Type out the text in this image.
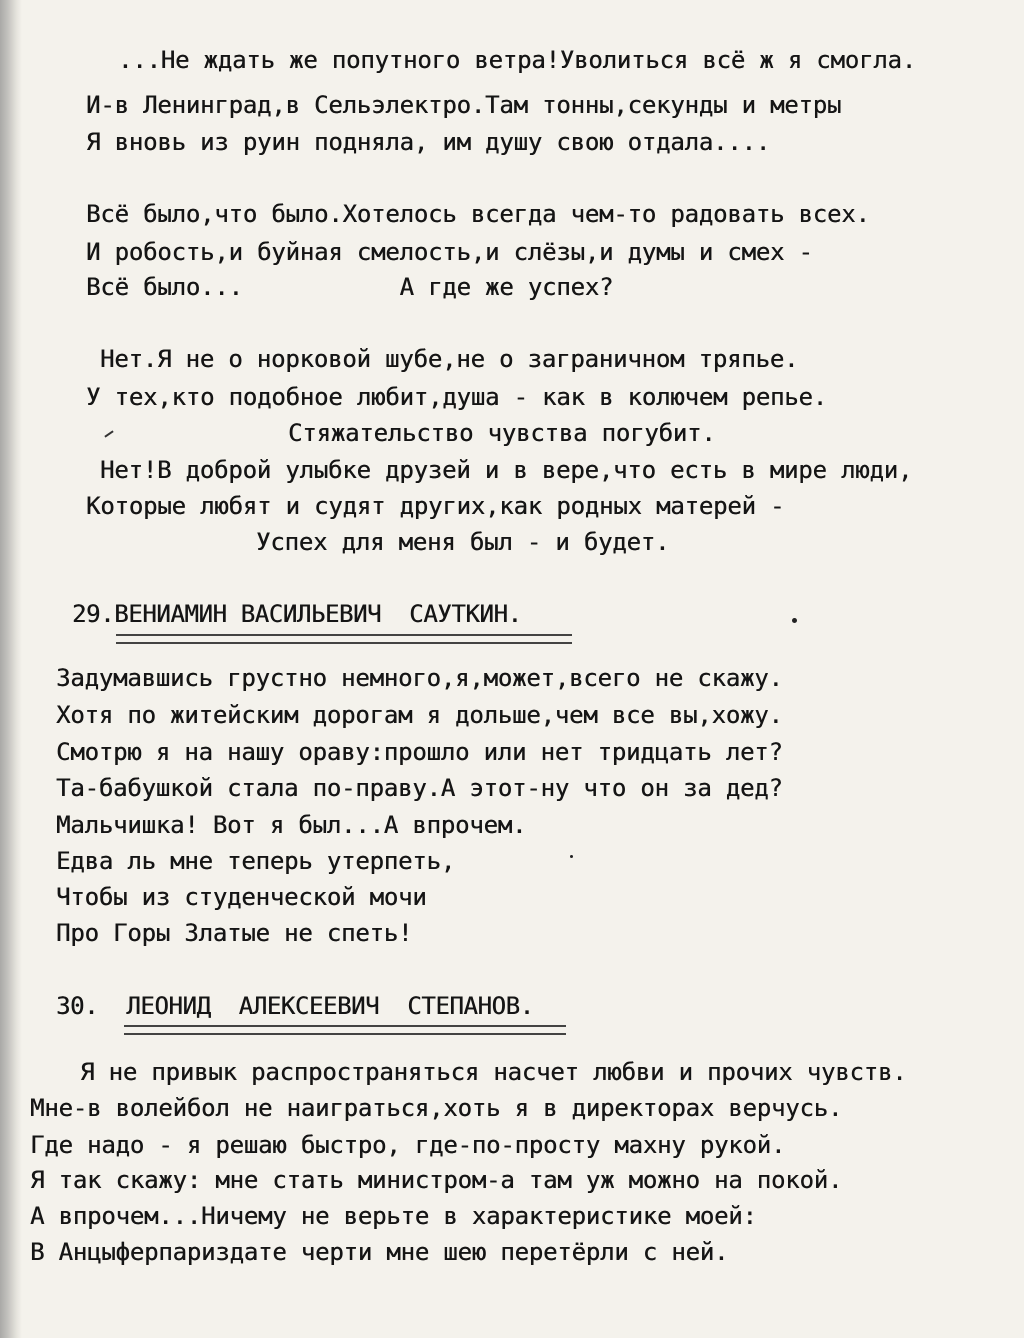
...Не ждать же попутного ветра!Уволиться всё ж я смогла.
И-в Ленинград,в Сельэлектро.Там тонны,секунды и метры
Я вновь из руин подняла, им душу свою отдала....
Всё было,что было.Хотелось всегда чем-то радовать всех.
И робость,и буйная смелость,и слёзы,и думы и смех -
Всё было...           А где же успех?
Нет.Я не о норковой шубе,не о заграничном тряпье.
У тех,кто подобное любит,душа - как в колючем репье.
Стяжательство чувства погубит.
Нет!В доброй улыбке друзей и в вере,что есть в мире люди,
Которые любят и судят других,как родных матерей -
Успех для меня был - и будет.
29.ВЕНИАМИН ВАСИЛЬЕВИЧ  САУТКИН.
Задумавшись грустно немного,я,может,всего не скажу.
Хотя по житейским дорогам я дольше,чем все вы,хожу.
Смотрю я на нашу ораву:прошло или нет тридцать лет?
Та-бабушкой стала по-праву.А этот-ну что он за дед?
Мальчишка! Вот я был...А впрочем.
Едва ль мне теперь утерпеть,
Чтобы из студенческой мочи
Про Горы Златые не спеть!
30.  ЛЕОНИД  АЛЕКСЕЕВИЧ  СТЕПАНОВ.
Я не привык распространяться насчет любви и прочих чувств.
Мне-в волейбол не наиграться,хоть я в директорах верчусь.
Где надо - я решаю быстро, где-по-просту махну рукой.
Я так скажу: мне стать министром-а там уж можно на покой.
А впрочем...Ничему не верьте в характеристике моей:
В Анцыферпариздате черти мне шею перетёрли с ней.
